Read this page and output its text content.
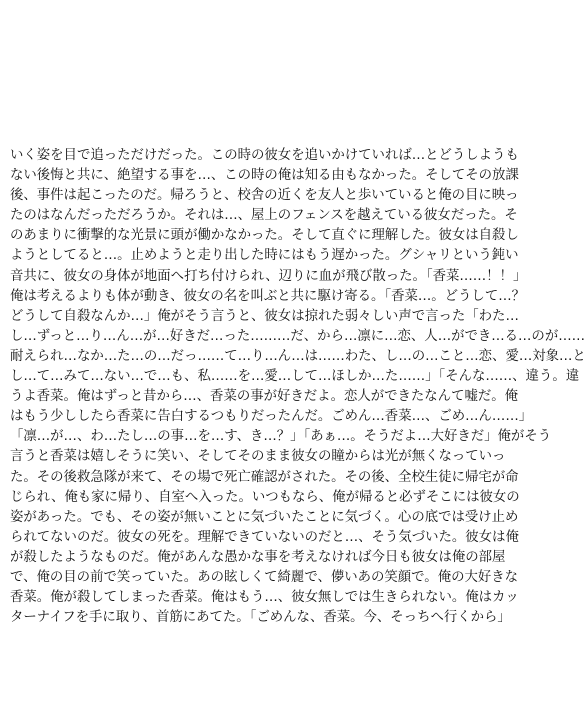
いく姿を目で追っただけだった。この時の彼女を追いかけていれば…とどうしようも
ない後悔と共に、絶望する事を…、この時の俺は知る由もなかった。そしてその放課
後、事件は起こったのだ。帰ろうと、校舎の近くを友人と歩いていると俺の目に映っ
たのはなんだっただろうか。それは…、屋上のフェンスを越えている彼女だった。そ
のあまりに衝撃的な光景に頭が働かなかった。そして直ぐに理解した。彼女は自殺し
ようとしてると…。止めようと走り出した時にはもう遅かった。グシャリという鈍い
音共に、彼女の身体が地面へ打ち付けられ、辺りに血が飛び散った。「香菜……！！」
俺は考えるよりも体が動き、彼女の名を叫ぶと共に駆け寄る。「香菜…。どうして…？
どうして自殺なんか…」俺がそう言うと、彼女は掠れた弱々しい声で言った「わた…
し…ずっと…り…ん…が…好きだ…った………だ、から…凛に…恋、人…ができ…る…のが……
耐えられ…なか…た…の…だっ……て…り…ん…は……わた、し…の…こと…恋、愛…対象…と
し…て…みて…ない…で…も、私……を…愛…して…ほしか…た……」「そんな……、違う。違
うよ香菜。俺はずっと昔から…、香菜の事が好きだよ。恋人ができたなんて嘘だ。俺
はもう少ししたら香菜に告白するつもりだったんだ。ごめん…香菜…、ごめ…ん……」
「凛…が…、わ…たし…の事…を…す、き…？」「あぁ…。そうだよ…大好きだ」俺がそう
言うと香菜は嬉しそうに笑い、そしてそのまま彼女の瞳からは光が無くなっていっ
た。その後救急隊が来て、その場で死亡確認がされた。その後、全校生徒に帰宅が命
じられ、俺も家に帰り、自室へ入った。いつもなら、俺が帰ると必ずそこには彼女の
姿があった。でも、その姿が無いことに気づいたことに気づく。心の底では受け止め
られてないのだ。彼女の死を。理解できていないのだと…、そう気づいた。彼女は俺
が殺したようなものだ。俺があんな愚かな事を考えなければ今日も彼女は俺の部屋
で、俺の目の前で笑っていた。あの眩しくて綺麗で、儚いあの笑顔で。俺の大好きな
香菜。俺が殺してしまった香菜。俺はもう…、彼女無しでは生きられない。俺はカッ
ターナイフを手に取り、首筋にあてた。「ごめんな、香菜。今、そっちへ行くから」
